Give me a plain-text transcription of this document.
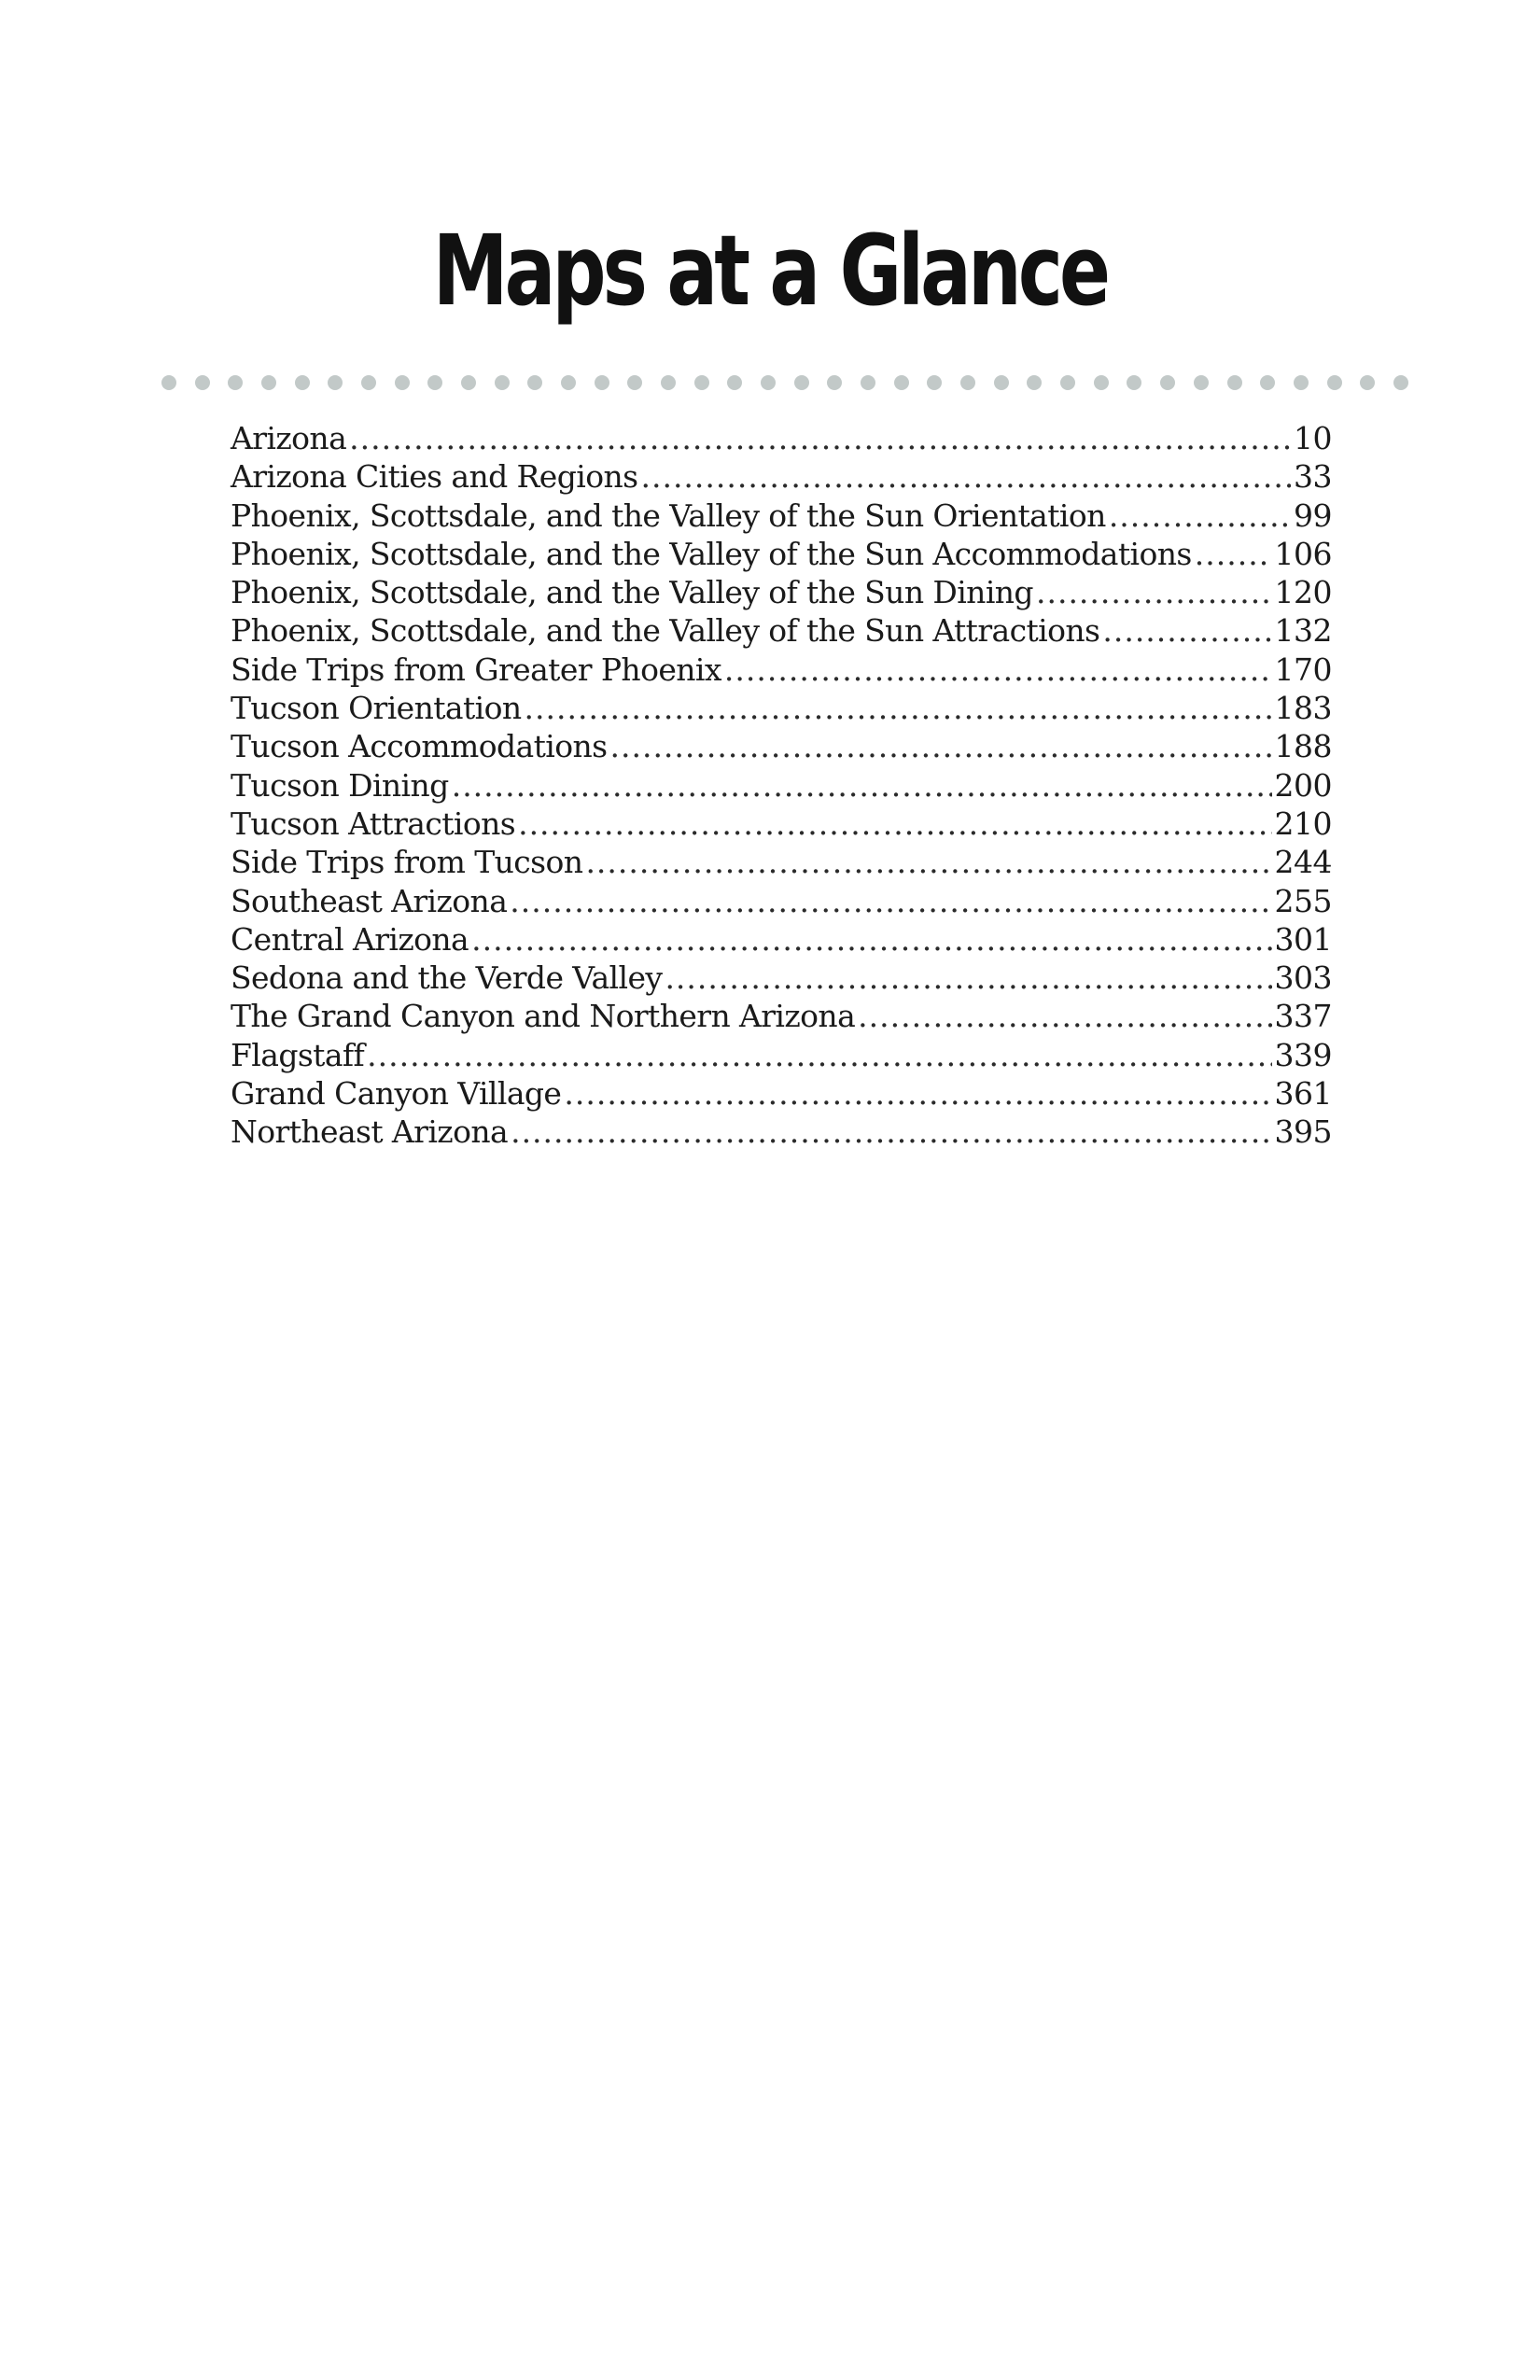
Maps at a Glance
Arizona .....	10
Arizona Cities and Regions .....	33
Phoenix, Scottsdale, and the Valley of the Sun Orientation .....	99
Phoenix, Scottsdale, and the Valley of the Sun Accommodations .....	106
Phoenix, Scottsdale, and the Valley of the Sun Dining .....	120
Phoenix, Scottsdale, and the Valley of the Sun Attractions .....	132
Side Trips from Greater Phoenix .....	170
Tucson Orientation .....	183
Tucson Accommodations .....	188
Tucson Dining .....	200
Tucson Attractions .....	210
Side Trips from Tucson .....	244
Southeast Arizona .....	255
Central Arizona .....	301
Sedona and the Verde Valley .....	303
The Grand Canyon and Northern Arizona .....	337
Flagstaff .....	339
Grand Canyon Village .....	361
Northeast Arizona .....	395
